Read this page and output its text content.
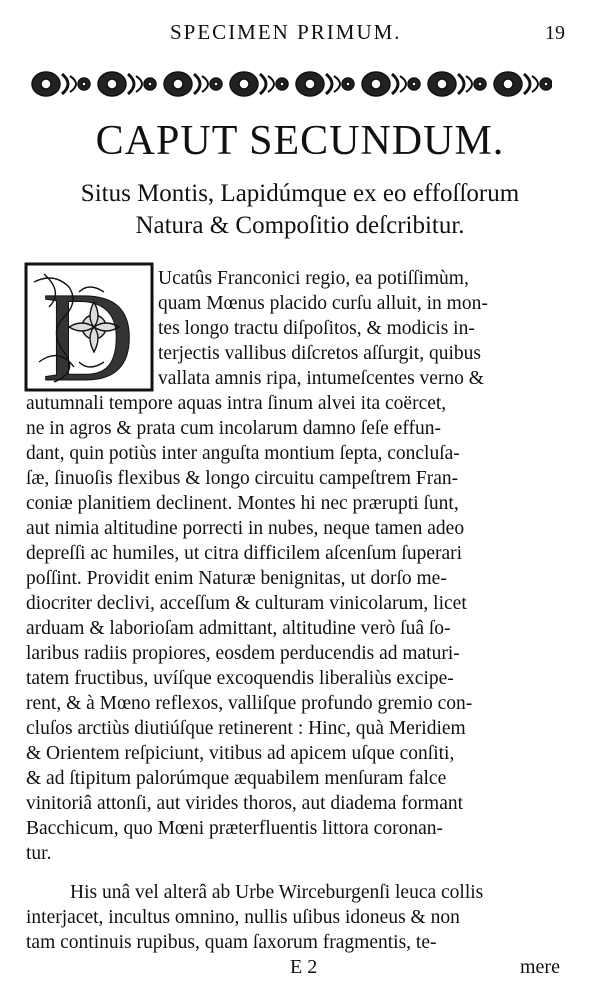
SPECIMEN PRIMUM.	19
CAPUT SECUNDUM.
Situs Montis, Lapidúmque ex eo effoſſorum
Natura & Compoſitio deſcribitur.
D Ucatûs Franconici regio, ea potiſſimùm,
quam Mœnus placido curſu alluit, in mon-
tes longo tractu diſpoſitos, & modicis in-
terjectis vallibus diſcretos aſſurgit, quibus
vallata amnis ripa, intumeſcentes verno &
autumnali tempore aquas intra ſinum alvei ita coërcet,
ne in agros & prata cum incolarum damno ſeſe effun-
dant, quin potiùs inter anguſta montium ſepta, concluſa-
ſæ, ſinuoſis flexibus & longo circuitu campeſtrem Fran-
coniæ planitiem declinent. Montes hi nec prærupti ſunt,
aut nimia altitudine porrecti in nubes, neque tamen adeo
depreſſi ac humiles, ut citra difficilem aſcenſum ſuperari
poſſint. Providit enim Naturæ benignitas, ut dorſo me-
diocriter declivi, acceſſum & culturam vinicolarum, licet
arduam & laborioſam admittant, altitudine verò ſuâ ſo-
laribus radiis propiores, eosdem perducendis ad maturi-
tatem fructibus, uvíſque excoquendis liberaliùs excipe-
rent, & à Mœno reflexos, valliſque profundo gremio con-
cluſos arctiùs diutiúſque retinerent : Hinc, quà Meridiem
& Orientem reſpiciunt, vitibus ad apicem uſque conſiti,
& ad ſtipitum palorúmque æquabilem menſuram falce
vinitoriâ attonſi, aut virides thoros, aut diadema formant
Bacchicum, quo Mœni præterfluentis littora coronan-
tur.
His unâ vel alterâ ab Urbe Wirceburgenſi leuca collis
interjacet, incultus omnino, nullis uſibus idoneus & non
tam continuis rupibus, quam ſaxorum fragmentis, te-
E 2	mere
